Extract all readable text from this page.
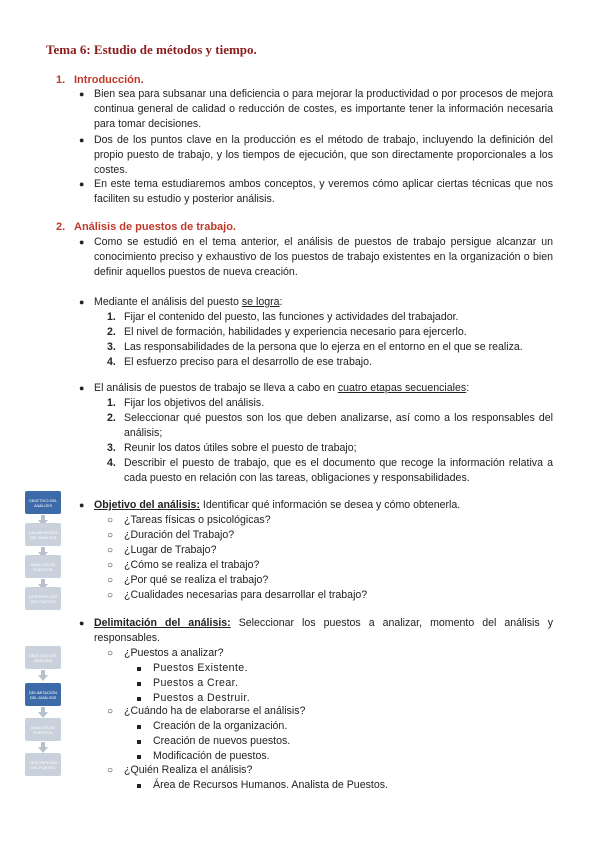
Tema 6: Estudio de métodos y tiempo.
1. Introducción.
● Bien sea para subsanar una deficiencia o para mejorar la productividad o por procesos de mejora continua general de calidad o reducción de costes, es importante tener la información necesaria para tomar decisiones.
● Dos de los puntos clave en la producción es el método de trabajo, incluyendo la definición del propio puesto de trabajo, y los tiempos de ejecución, que son directamente proporcionales a los costes.
● En este tema estudiaremos ambos conceptos, y veremos cómo aplicar ciertas técnicas que nos faciliten su estudio y posterior análisis.
2. Análisis de puestos de trabajo.
● Como se estudió en el tema anterior, el análisis de puestos de trabajo persigue alcanzar un conocimiento preciso y exhaustivo de los puestos de trabajo existentes en la organización o bien definir aquellos puestos de nueva creación.
● Mediante el análisis del puesto se logra:
1. Fijar el contenido del puesto, las funciones y actividades del trabajador.
2. El nivel de formación, habilidades y experiencia necesario para ejercerlo.
3. Las responsabilidades de la persona que lo ejerza en el entorno en el que se realiza.
4. El esfuerzo preciso para el desarrollo de ese trabajo.
● El análisis de puestos de trabajo se lleva a cabo en cuatro etapas secuenciales:
1. Fijar los objetivos del análisis.
2. Seleccionar qué puestos son los que deben analizarse, así como a los responsables del análisis;
3. Reunir los datos útiles sobre el puesto de trabajo;
4. Describir el puesto de trabajo, que es el documento que recoge la información relativa a cada puesto en relación con las tareas, obligaciones y responsabilidades.
● Objetivo del análisis: Identificar qué información se desea y cómo obtenerla.
○	¿Tareas físicas o psicológicas?
○	¿Duración del Trabajo?
○	¿Lugar de Trabajo?
○	¿Cómo se realiza el trabajo?
○	¿Por qué se realiza el trabajo?
○	¿Cualidades necesarias para desarrollar el trabajo?
● Delimitación del análisis: Seleccionar los puestos a analizar, momento del análisis y responsables.
○	¿Puestos a analizar?
Puestos Existente.
Puestos a Crear.
Puestos a Destruir.
○	¿Cuándo ha de elaborarse el análisis?
Creación de la organización.
Creación de nuevos puestos.
Modificación de puestos.
○	¿Quién Realiza el análisis?
Área de Recursos Humanos. Analista de Puestos.
OBJETIVO DEL ANÁLISIS
DELIMITACIÓN DEL ANÁLISIS
ANÁLISIS DE PUESTOS
DESCRIPCIÓN DEL PUESTO
OBJETIVO DEL ANÁLISIS
DELIMITACIÓN DEL ANÁLISIS
ANÁLISIS DE PUESTOS
DESCRIPCIÓN DEL PUESTO
